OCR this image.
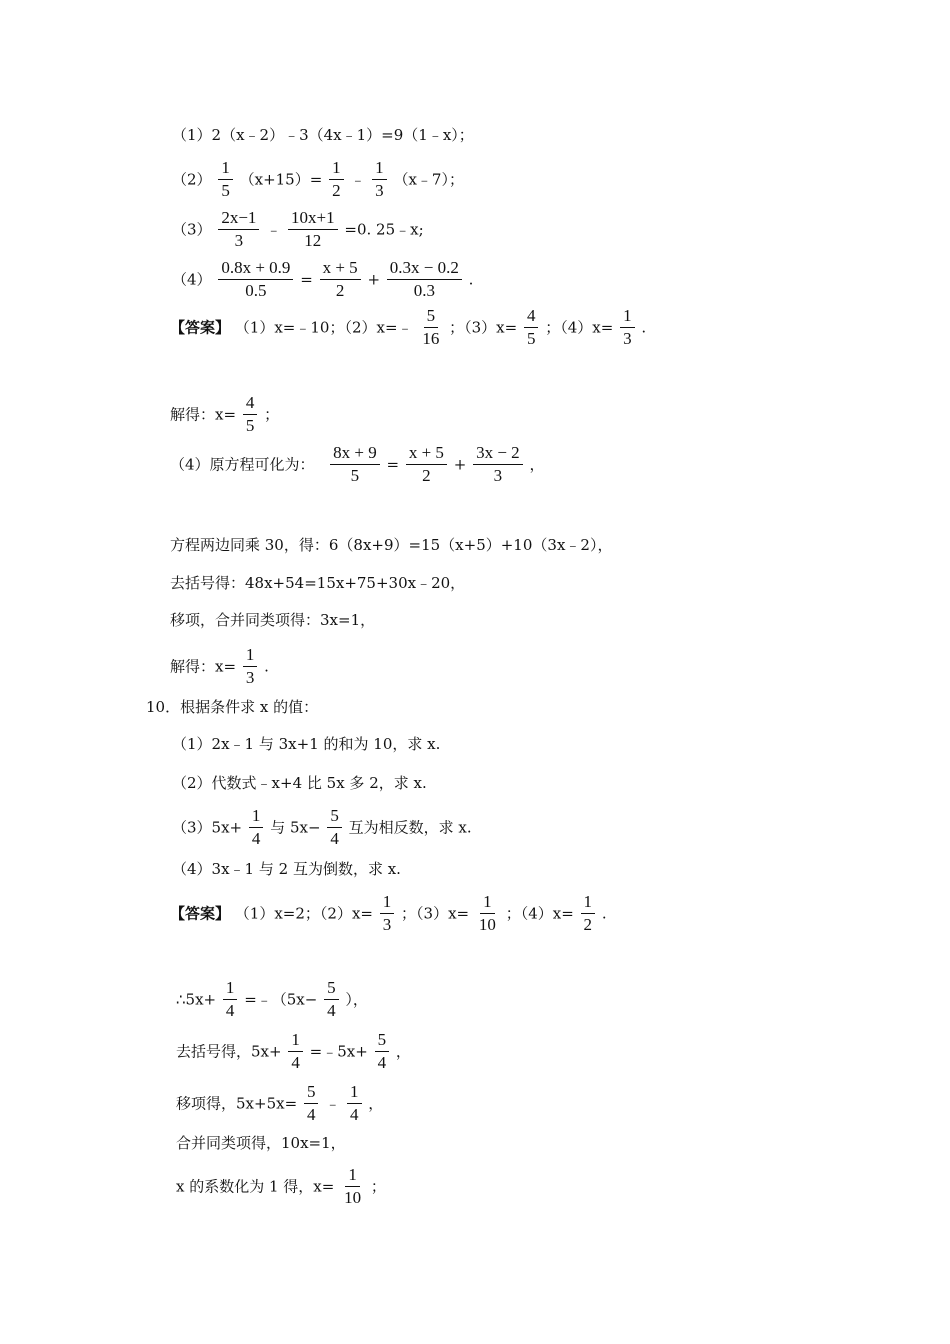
（1）2（x﹣2）﹣3（4x﹣1）=9（1﹣x）；
$(2) \frac{1}{5} (x+15)= \frac{1}{2}$ ﹣ $\frac{1}{3}$ （x﹣7）；
$(3) \frac{2x-1}{3}$ ﹣ $\frac{10x+1}{12} =0$. 25﹣x;
$(4) \frac{0.8x + 0.9}{0.5} = \frac{x + 5}{2} + \frac{0.3x - 0.2}{0.3}$ .
【答案】 （1）x=﹣10；（2）x=﹣ $\frac{5}{16}$ ；$(3)x= \frac{4}{5}$ ；$(4)x= \frac{1}{3}$ .
解得：$x= \frac{4}{5}$ ；
（4）原方程可化为： $\frac{8x + 9}{5} = \frac{x + 5}{2} + \frac{3x - 2}{3}$ ，
方程两边同乘 30，得：6（8x+9）=15（x+5）+10（3x﹣2），
去括号得：48x+54=15x+75+30x﹣20，
移项，合并同类项得：3x=1，
解得：$x= \frac{1}{3}$ .
10．根据条件求 x 的值：
（1）2x﹣1 与 3x+1 的和为 10，求 x.
（2）代数式﹣x+4 比 5x 多 2，求 x.
$(3)5x+ \frac{1}{4}$ 与 $5x- \frac{5}{4}$ 互为相反数，求 x.
（4）3x﹣1 与 2 互为倒数，求 x.
【答案】 （1）x=2；$(2)x= \frac{1}{3}$ ；$(3)x= \frac{1}{10}$ ；$(4)x= \frac{1}{2}$ .
∴5x+ $\frac{1}{4}$ =﹣（5x− $\frac{5}{4}$ ），
去括号得，$5x+ \frac{1}{4}$ =﹣5x+ $\frac{5}{4}$ ，
移项得，$5x+5x= \frac{5}{4}$ ﹣ $\frac{1}{4}$ ，
合并同类项得，10x=1，
x 的系数化为 1 得，$x= \frac{1}{10}$ ；
